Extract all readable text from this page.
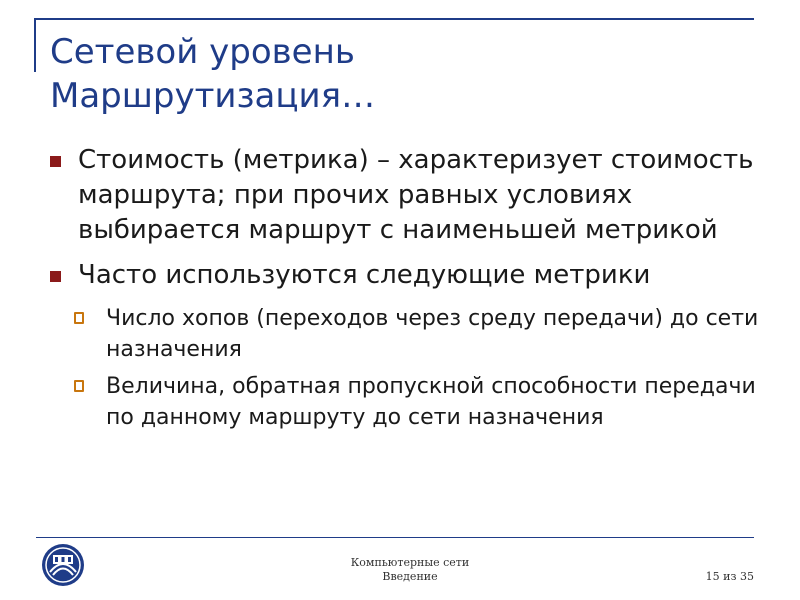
Сетевой уровень
Маршрутизация…
Стоимость (метрика) – характеризует стоимость маршрута; при прочих равных условиях выбирается маршрут с наименьшей метрикой
Часто используются следующие метрики
Число хопов (переходов через среду передачи) до сети назначения
Величина, обратная пропускной способности передачи по данному маршруту до сети назначения
Компьютерные сети
Введение	15 из 35
